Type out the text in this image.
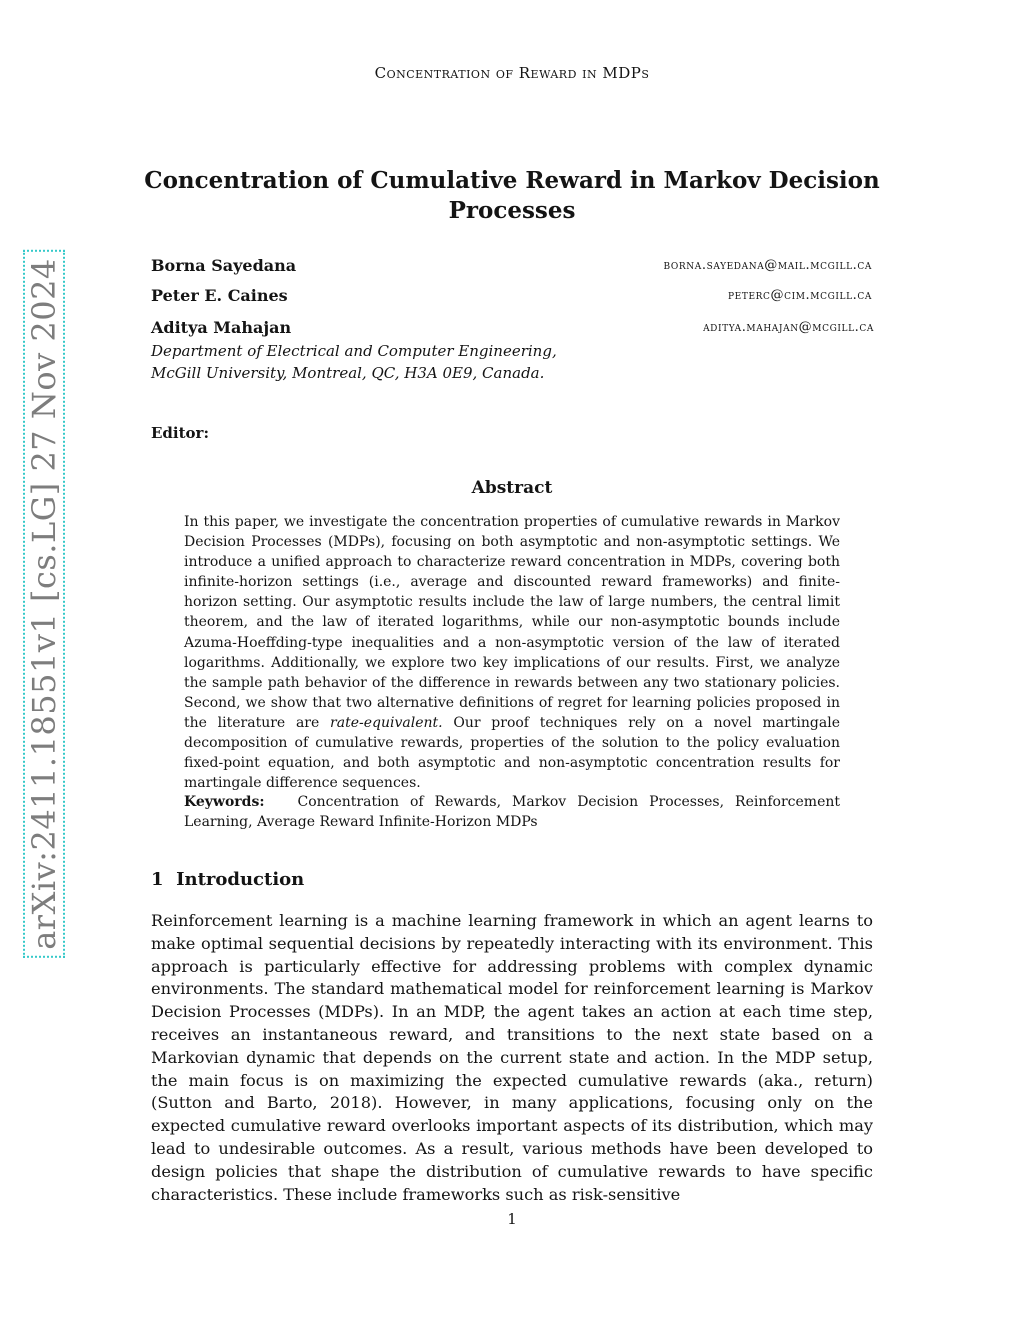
Concentration of Reward in MDPs
Concentration of Cumulative Reward in Markov Decision Processes
Borna Sayedana	borna.sayedana@mail.mcgill.ca
Peter E. Caines	peterc@cim.mcgill.ca
Aditya Mahajan	aditya.mahajan@mcgill.ca
Department of Electrical and Computer Engineering,
McGill University, Montreal, QC, H3A 0E9, Canada.
Editor:
Abstract
In this paper, we investigate the concentration properties of cumulative rewards in Markov Decision Processes (MDPs), focusing on both asymptotic and non-asymptotic settings. We introduce a unified approach to characterize reward concentration in MDPs, covering both infinite-horizon settings (i.e., average and discounted reward frameworks) and finite-horizon setting. Our asymptotic results include the law of large numbers, the central limit theorem, and the law of iterated logarithms, while our non-asymptotic bounds include Azuma-Hoeffding-type inequalities and a non-asymptotic version of the law of iterated logarithms. Additionally, we explore two key implications of our results. First, we analyze the sample path behavior of the difference in rewards between any two stationary policies. Second, we show that two alternative definitions of regret for learning policies proposed in the literature are rate-equivalent. Our proof techniques rely on a novel martingale decomposition of cumulative rewards, properties of the solution to the policy evaluation fixed-point equation, and both asymptotic and non-asymptotic concentration results for martingale difference sequences.
Keywords: Concentration of Rewards, Markov Decision Processes, Reinforcement Learning, Average Reward Infinite-Horizon MDPs
1 Introduction
Reinforcement learning is a machine learning framework in which an agent learns to make optimal sequential decisions by repeatedly interacting with its environment. This approach is particularly effective for addressing problems with complex dynamic environments. The standard mathematical model for reinforcement learning is Markov Decision Processes (MDPs). In an MDP, the agent takes an action at each time step, receives an instantaneous reward, and transitions to the next state based on a Markovian dynamic that depends on the current state and action. In the MDP setup, the main focus is on maximizing the expected cumulative rewards (aka., return) (Sutton and Barto, 2018). However, in many applications, focusing only on the expected cumulative reward overlooks important aspects of its distribution, which may lead to undesirable outcomes. As a result, various methods have been developed to design policies that shape the distribution of cumulative rewards to have specific characteristics. These include frameworks such as risk-sensitive
1
arXiv:2411.18551v1 [cs.LG] 27 Nov 2024
